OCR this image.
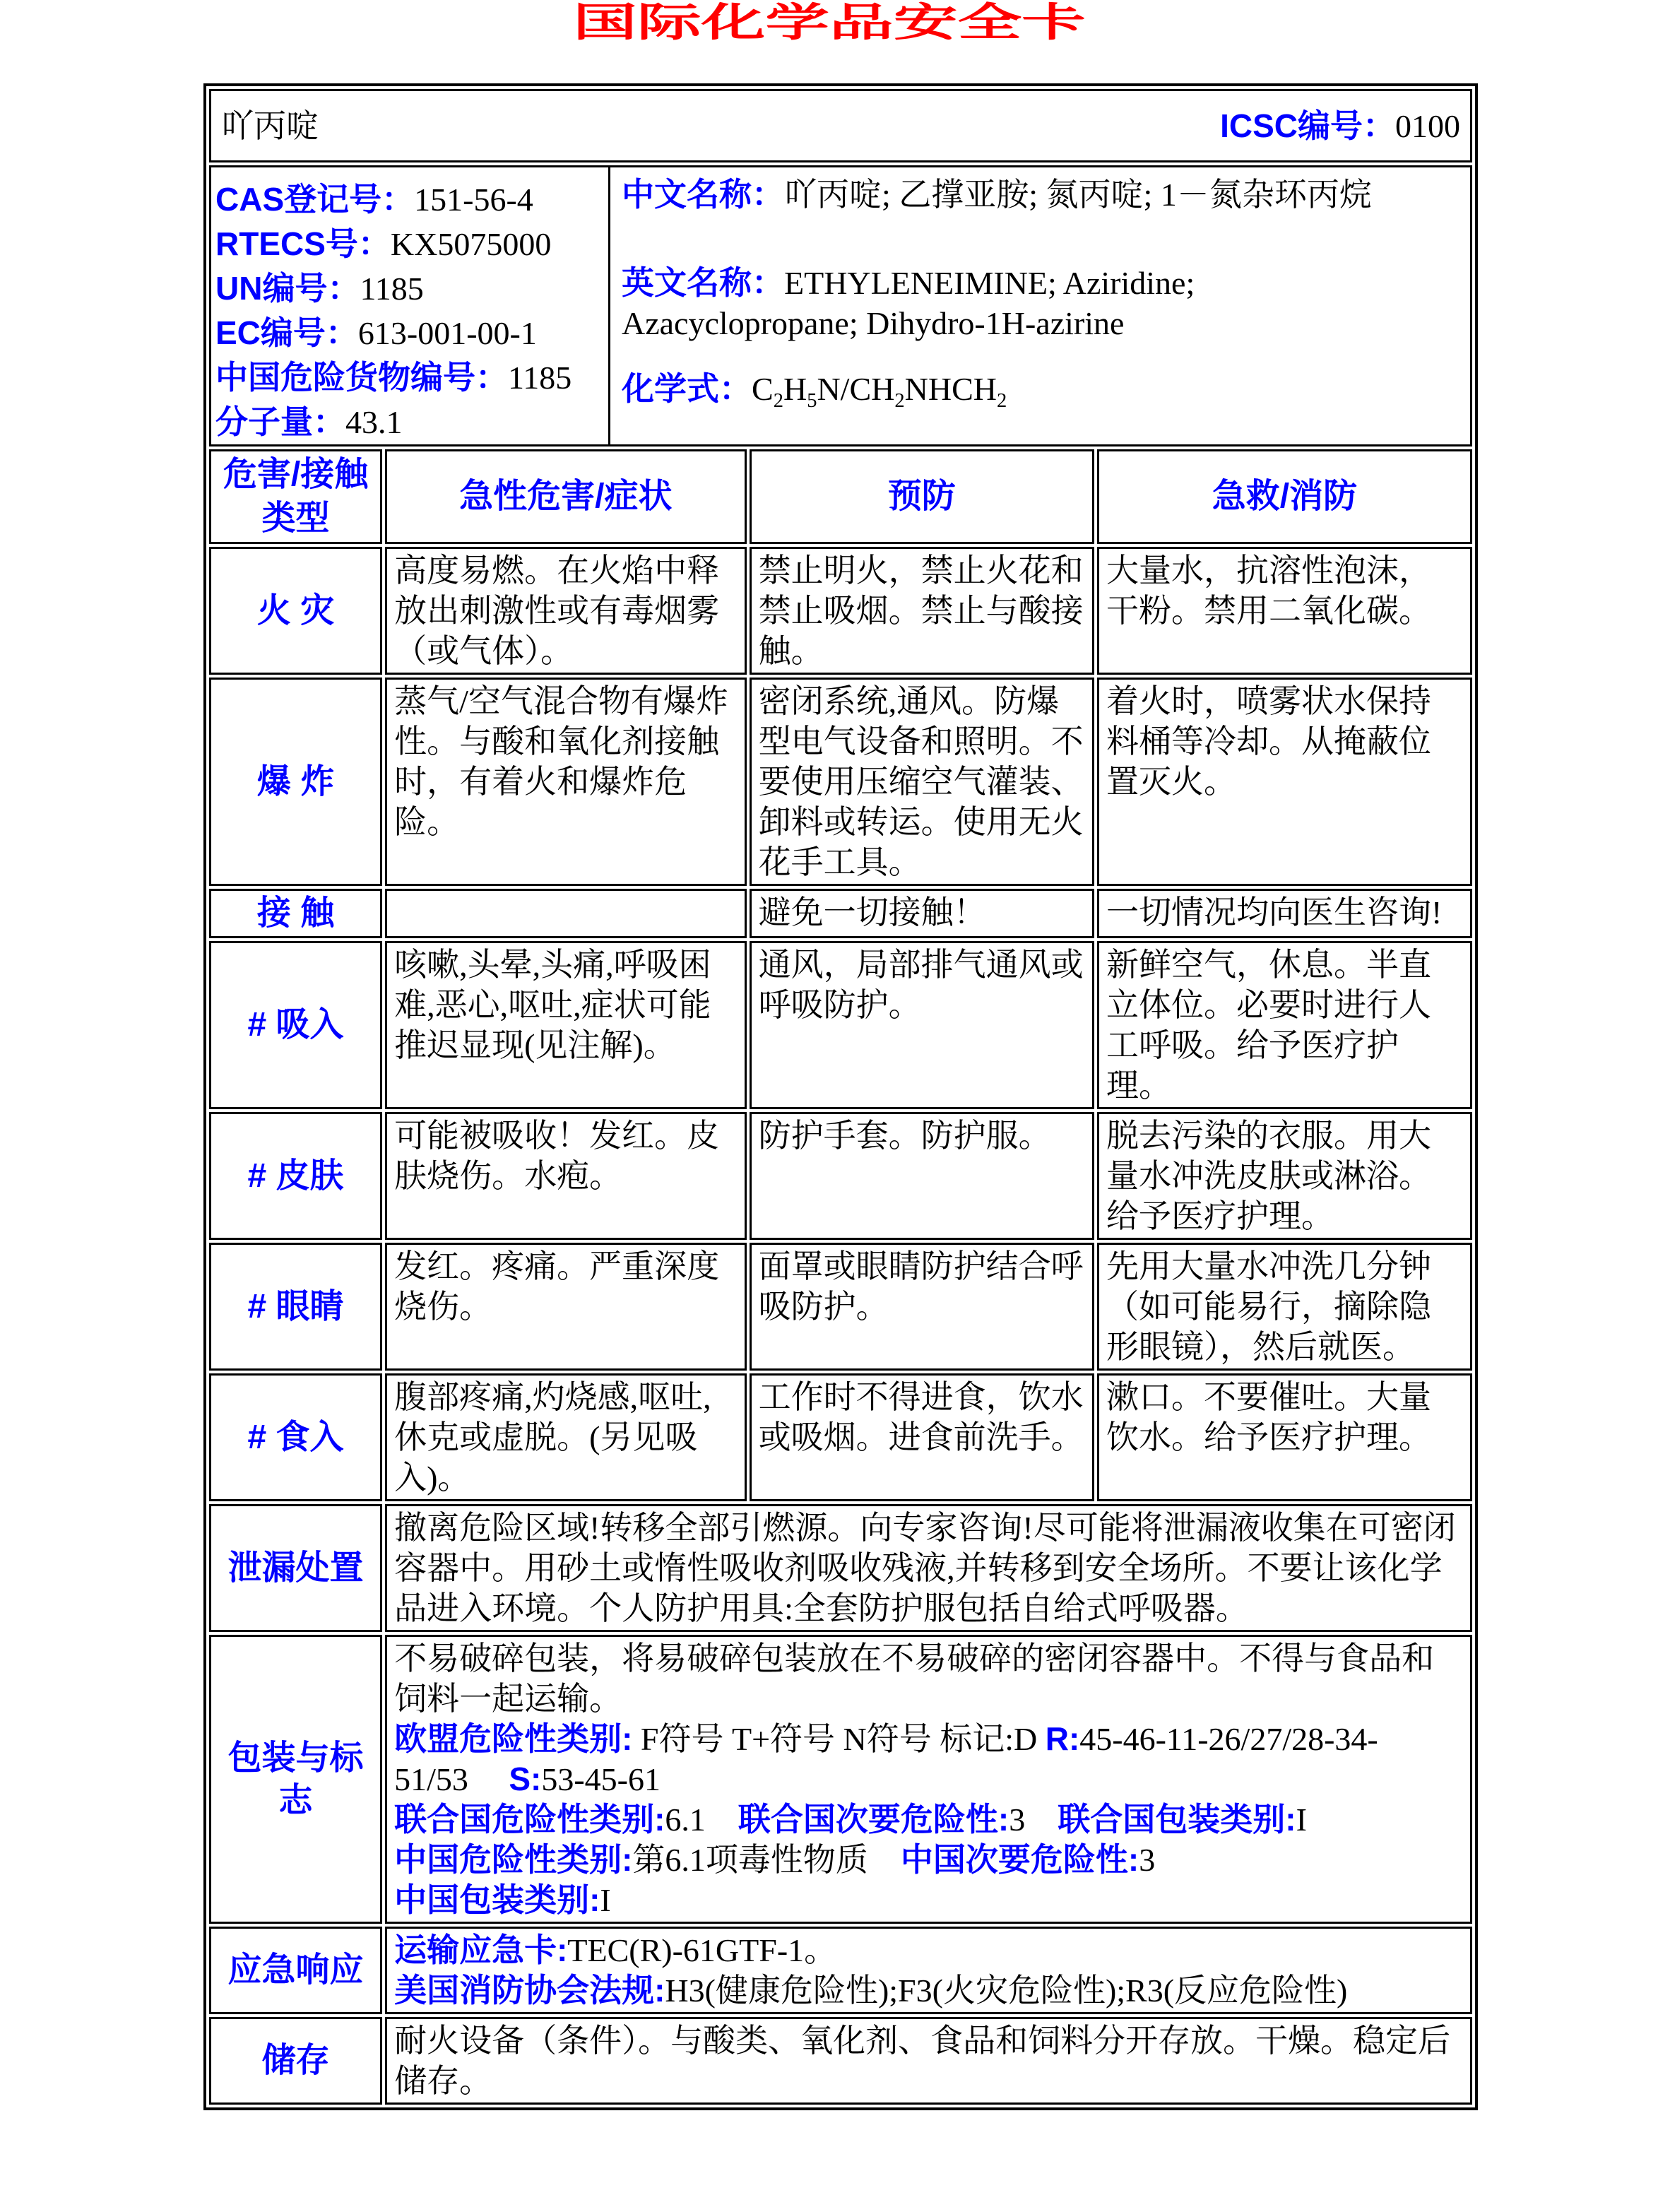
国际化学品安全卡
吖丙啶 ICSC编号：0100			

CAS登记号：151-56-4
RTECS号：KX5075000
UN编号：1185
EC编号：613-001-00-1
中国危险货物编号：1185
分子量：43.1

中文名称：吖丙啶; 乙撑亚胺; 氮丙啶; 1－氮杂环丙烷

英文名称：ETHYLENEIMINE; Aziridine; Azacyclopropane; Dihydro-1H-azirine

化学式：$C_2H_5N/CH_2NHCH_2$

危害/接触
类型	急性危害/症状	预防	急救/消防
火 灾	高度易燃。在火焰中释放出刺激性或有毒烟雾（或气体）。	禁止明火，禁止火花和禁止吸烟。禁止与酸接触。	大量水，抗溶性泡沫，干粉。禁用二氧化碳。
爆 炸	蒸气/空气混合物有爆炸性。与酸和氧化剂接触时，有着火和爆炸危险。	密闭系统,通风。防爆型电气设备和照明。不要使用压缩空气灌装、卸料或转运。使用无火花手工具。	着火时，喷雾状水保持料桶等冷却。从掩蔽位置灭火。
接 触		避免一切接触！	一切情况均向医生咨询!
# 吸入	咳嗽,头晕,头痛,呼吸困难,恶心,呕吐,症状可能推迟显现(见注解)。	通风，局部排气通风或呼吸防护。	新鲜空气，休息。半直立体位。必要时进行人工呼吸。给予医疗护理。
# 皮肤	可能被吸收！发红。皮肤烧伤。水疱。	防护手套。防护服。	脱去污染的衣服。用大量水冲洗皮肤或淋浴。给予医疗护理。
# 眼睛	发红。疼痛。严重深度烧伤。	面罩或眼睛防护结合呼吸防护。	先用大量水冲洗几分钟（如可能易行，摘除隐形眼镜），然后就医。
# 食入	腹部疼痛,灼烧感,呕吐,休克或虚脱。(另见吸入)。	工作时不得进食，饮水或吸烟。进食前洗手。	漱口。不要催吐。大量饮水。给予医疗护理。
泄漏处置	撤离危险区域!转移全部引燃源。向专家咨询!尽可能将泄漏液收集在可密闭容器中。用砂土或惰性吸收剂吸收残液,并转移到安全场所。不要让该化学品进入环境。个人防护用具:全套防护服包括自给式呼吸器。		
包装与标志	不易破碎包装，将易破碎包装放在不易破碎的密闭容器中。不得与食品和饲料一起运输。
欧盟危险性类别: F符号 T+符号 N符号 标记:D R:45-46-11-26/27/28-34-51/53  S:53-45-61
联合国危险性类别:6.1 联合国次要危险性:3 联合国包装类别:I
中国危险性类别:第6.1项毒性物质 中国次要危险性:3
中国包装类别:I		

应急响应	运输应急卡:TEC(R)-61GTF-1。
美国消防协会法规:H3(健康危险性);F3(火灾危险性);R3(反应危险性)		

储存	耐火设备（条件）。与酸类、氧化剂、食品和饲料分开存放。干燥。稳定后储存。		
